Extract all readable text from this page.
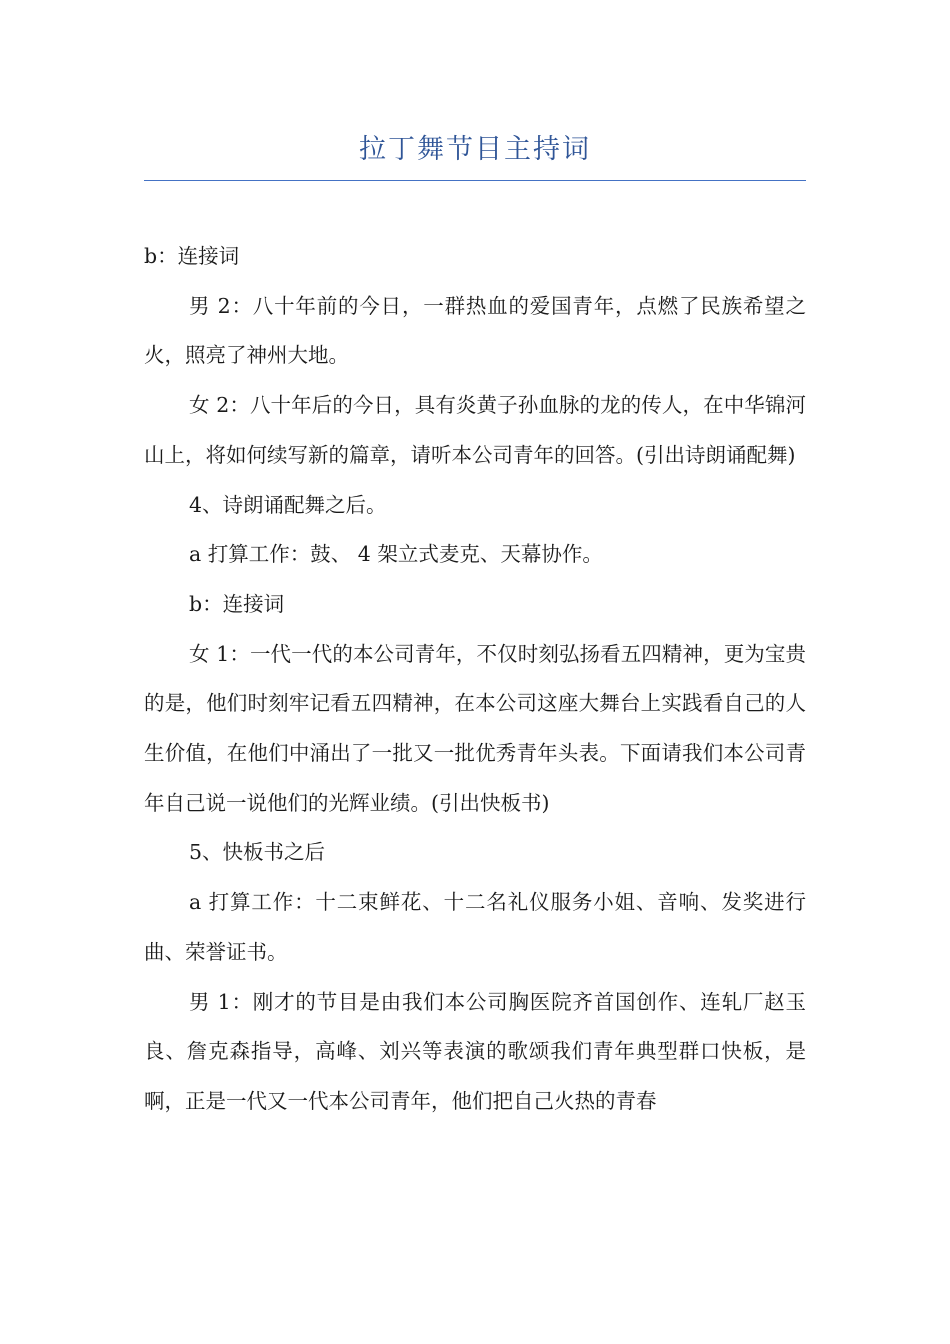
拉丁舞节目主持词

b：连接词

男 2：八十年前的今日，一群热血的爱国青年，点燃了民族希望之火，照亮了神州大地。

女 2：八十年后的今日，具有炎黄子孙血脉的龙的传人，在中华锦河山上，将如何续写新的篇章，请听本公司青年的回答。(引出诗朗诵配舞)

4、诗朗诵配舞之后。

a 打算工作：鼓、 4 架立式麦克、天幕协作。

b：连接词

女 1：一代一代的本公司青年，不仅时刻弘扬看五四精神，更为宝贵的是，他们时刻牢记看五四精神，在本公司这座大舞台上实践看自己的人生价值，在他们中涌出了一批又一批优秀青年头表。下面请我们本公司青年自己说一说他们的光辉业绩。(引出快板书)

5、快板书之后

a 打算工作：十二束鲜花、十二名礼仪服务小姐、音响、发奖进行曲、荣誉证书。

男 1：刚才的节目是由我们本公司胸医院齐首国创作、连轧厂赵玉良、詹克森指导，高峰、刘兴等表演的歌颂我们青年典型群口快板，是啊，正是一代又一代本公司青年，他们把自己火热的青春
